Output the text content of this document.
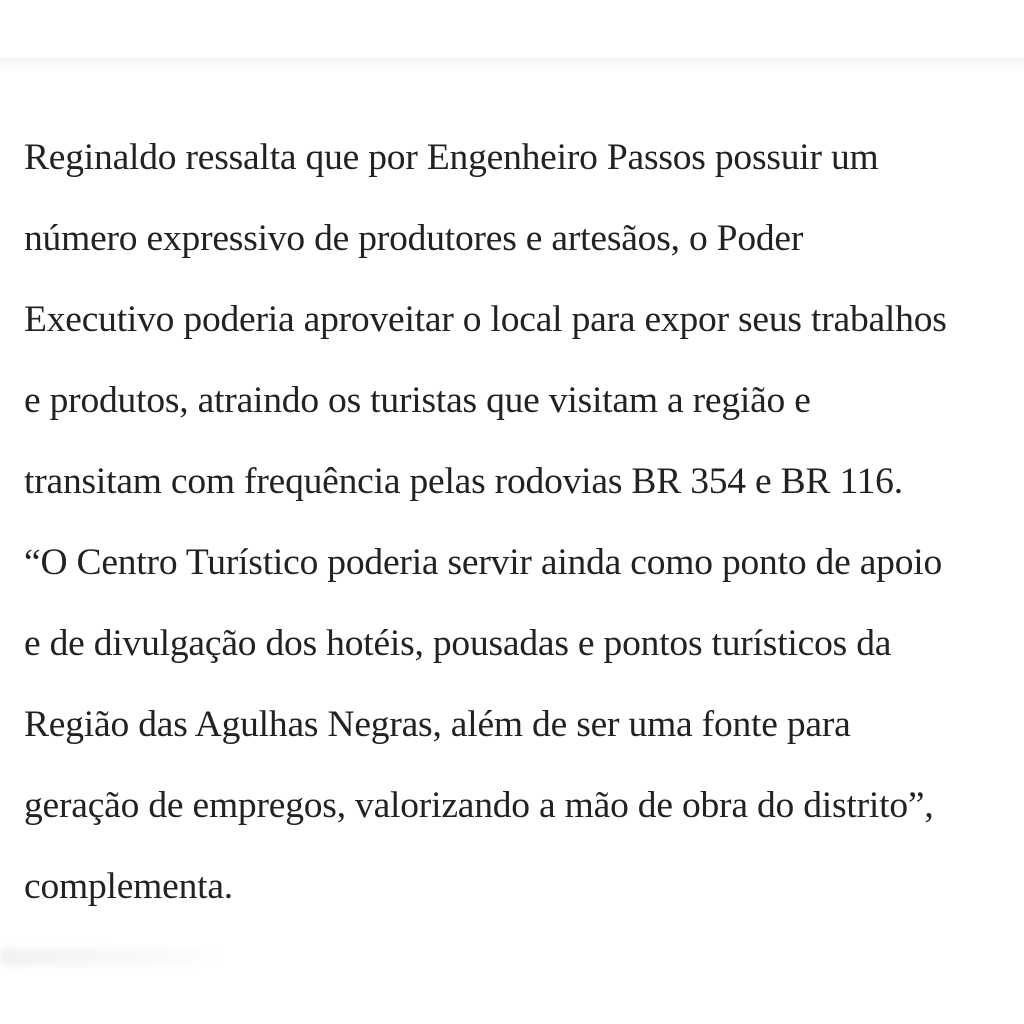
Reginaldo ressalta que por Engenheiro Passos possuir um
número expressivo de produtores e artesãos, o Poder
Executivo poderia aproveitar o local para expor seus trabalhos
e produtos, atraindo os turistas que visitam a região e
transitam com frequência pelas rodovias BR 354 e BR 116.
“O Centro Turístico poderia servir ainda como ponto de apoio
e de divulgação dos hotéis, pousadas e pontos turísticos da
Região das Agulhas Negras, além de ser uma fonte para
geração de empregos, valorizando a mão de obra do distrito”,
complementa.
